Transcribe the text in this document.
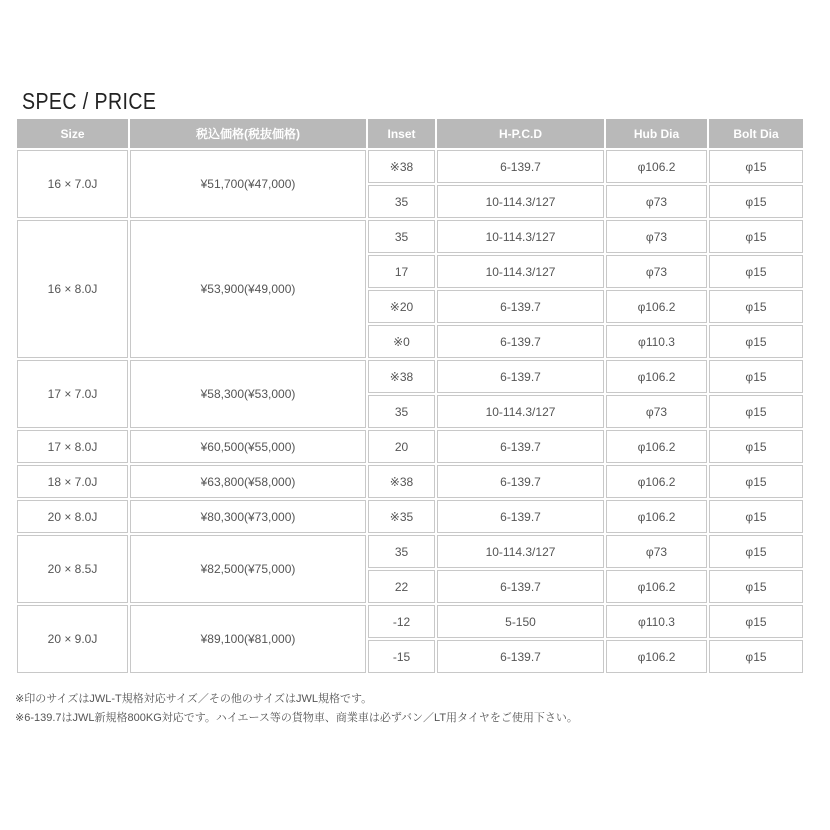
SPEC / PRICE
Size	税込価格(税抜価格)	Inset	H-P.C.D	Hub Dia	Bolt Dia
16 × 7.0J	¥51,700(¥47,000)	※38	6-139.7	φ106.2	φ15
		35	10-114.3/127	φ73	φ15
16 × 8.0J	¥53,900(¥49,000)	35	10-114.3/127	φ73	φ15
		17	10-114.3/127	φ73	φ15
		※20	6-139.7	φ106.2	φ15
		※0	6-139.7	φ110.3	φ15
17 × 7.0J	¥58,300(¥53,000)	※38	6-139.7	φ106.2	φ15
		35	10-114.3/127	φ73	φ15
17 × 8.0J	¥60,500(¥55,000)	20	6-139.7	φ106.2	φ15
18 × 7.0J	¥63,800(¥58,000)	※38	6-139.7	φ106.2	φ15
20 × 8.0J	¥80,300(¥73,000)	※35	6-139.7	φ106.2	φ15
20 × 8.5J	¥82,500(¥75,000)	35	10-114.3/127	φ73	φ15
		22	6-139.7	φ106.2	φ15
20 × 9.0J	¥89,100(¥81,000)	-12	5-150	φ110.3	φ15
		-15	6-139.7	φ106.2	φ15
※印のサイズはJWL-T規格対応サイズ／その他のサイズはJWL規格です。
※6-139.7はJWL新規格800KG対応です。ハイエース等の貨物車、商業車は必ずバン／LT用タイヤをご使用下さい。
